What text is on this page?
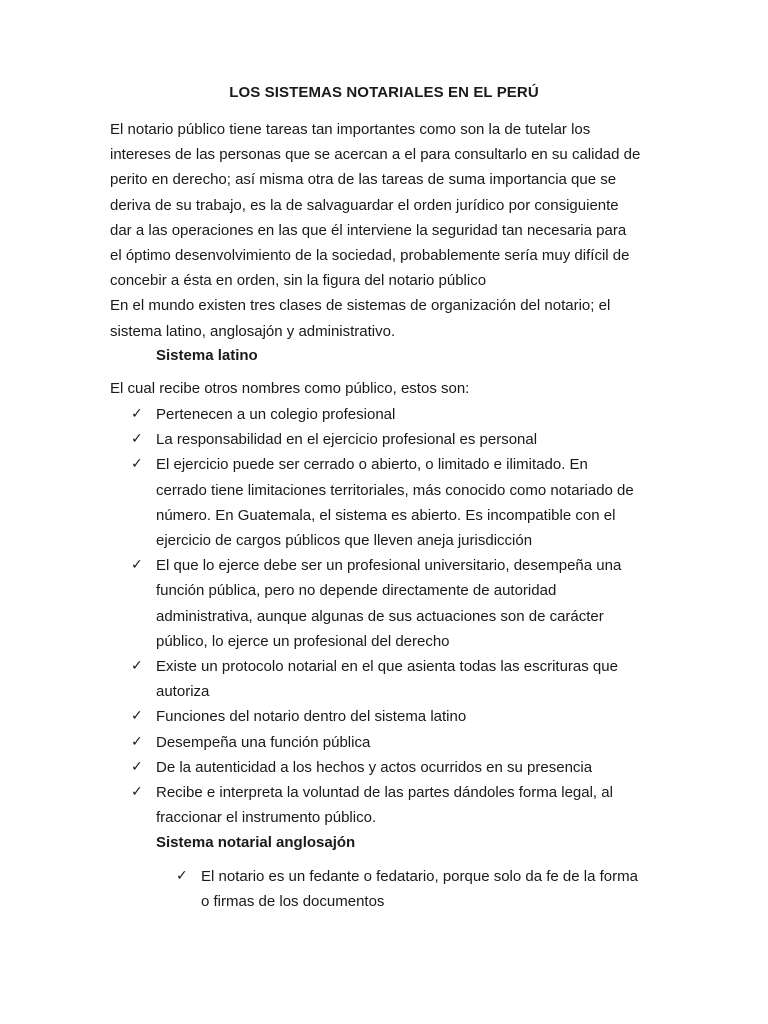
LOS SISTEMAS NOTARIALES EN EL PERÚ
El notario público tiene tareas tan importantes como son la de tutelar los
intereses de las personas que se acercan a el para consultarlo en su calidad de
perito en derecho; así misma otra de las tareas de suma importancia que se
deriva de su trabajo, es la de salvaguardar el orden jurídico por consiguiente
dar a las operaciones en las que él interviene la seguridad tan necesaria para
el óptimo desenvolvimiento de la sociedad, probablemente sería muy difícil de
concebir a ésta en orden, sin la figura del notario público
En el mundo existen tres clases de sistemas de organización del notario; el
sistema latino, anglosajón y administrativo.
Sistema latino
El cual recibe otros nombres como público, estos son:
✓ Pertenecen a un colegio profesional
✓ La responsabilidad en el ejercicio profesional es personal
✓ El ejercicio puede ser cerrado o abierto, o limitado e ilimitado. En
cerrado tiene limitaciones territoriales, más conocido como notariado de
número. En Guatemala, el sistema es abierto. Es incompatible con el
ejercicio de cargos públicos que lleven aneja jurisdicción
✓ El que lo ejerce debe ser un profesional universitario, desempeña una
función pública, pero no depende directamente de autoridad
administrativa, aunque algunas de sus actuaciones son de carácter
público, lo ejerce un profesional del derecho
✓ Existe un protocolo notarial en el que asienta todas las escrituras que
autoriza
✓ Funciones del notario dentro del sistema latino
✓ Desempeña una función pública
✓ De la autenticidad a los hechos y actos ocurridos en su presencia
✓ Recibe e interpreta la voluntad de las partes dándoles forma legal, al
fraccionar el instrumento público.
Sistema notarial anglosajón
✓ El notario es un fedante o fedatario, porque solo da fe de la forma
o firmas de los documentos
